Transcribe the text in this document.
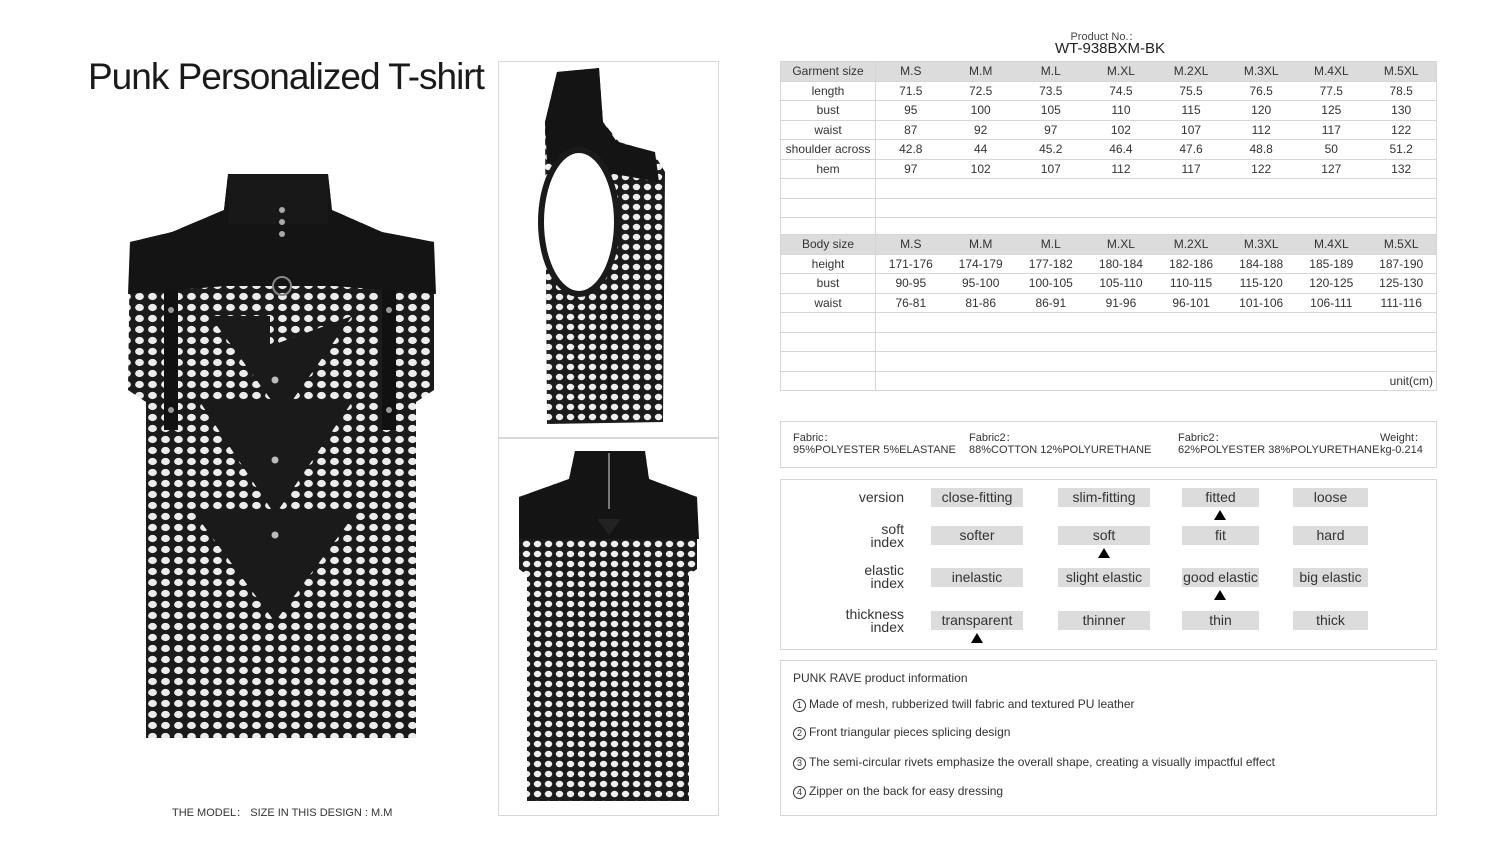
Punk Personalized T-shirt
THE MODEL： SIZE IN THIS DESIGN : M.M
Product No.：
WT-938BXM-BK
Garment size	M.S	M.M	M.L	M.XL	M.2XL	M.3XL	M.4XL	M.5XL
length	71.5	72.5	73.5	74.5	75.5	76.5	77.5	78.5
bust	95	100	105	110	115	120	125	130
waist	87	92	97	102	107	112	117	122
shoulder across	42.8	44	45.2	46.4	47.6	48.8	50	51.2
hem	97	102	107	112	117	122	127	132

Body size	M.S	M.M	M.L	M.XL	M.2XL	M.3XL	M.4XL	M.5XL
height	171-176	174-179	177-182	180-184	182-186	184-188	185-189	187-190
bust	90-95	95-100	100-105	105-110	110-115	115-120	120-125	125-130
waist	76-81	81-86	86-91	91-96	96-101	101-106	106-111	111-116

	unit(cm)							
Fabric：
95%POLYESTER 5%ELASTANE
Fabric2：
88%COTTON 12%POLYURETHANE
Fabric2：
62%POLYESTER 38%POLYURETHANE
Weight：
kg-0.214
version	close-fitting	slim-fitting	fitted	loose
soft
index	softer	soft	fit	hard
elastic
index	inelastic	slight elastic	good elastic	big elastic
thickness
index	transparent	thinner	thin	thick
PUNK RAVE product information
1 Made of mesh, rubberized twill fabric and textured PU leather
2 Front triangular pieces splicing design
3 The semi-circular rivets emphasize the overall shape, creating a visually impactful effect
4 Zipper on the back for easy dressing
